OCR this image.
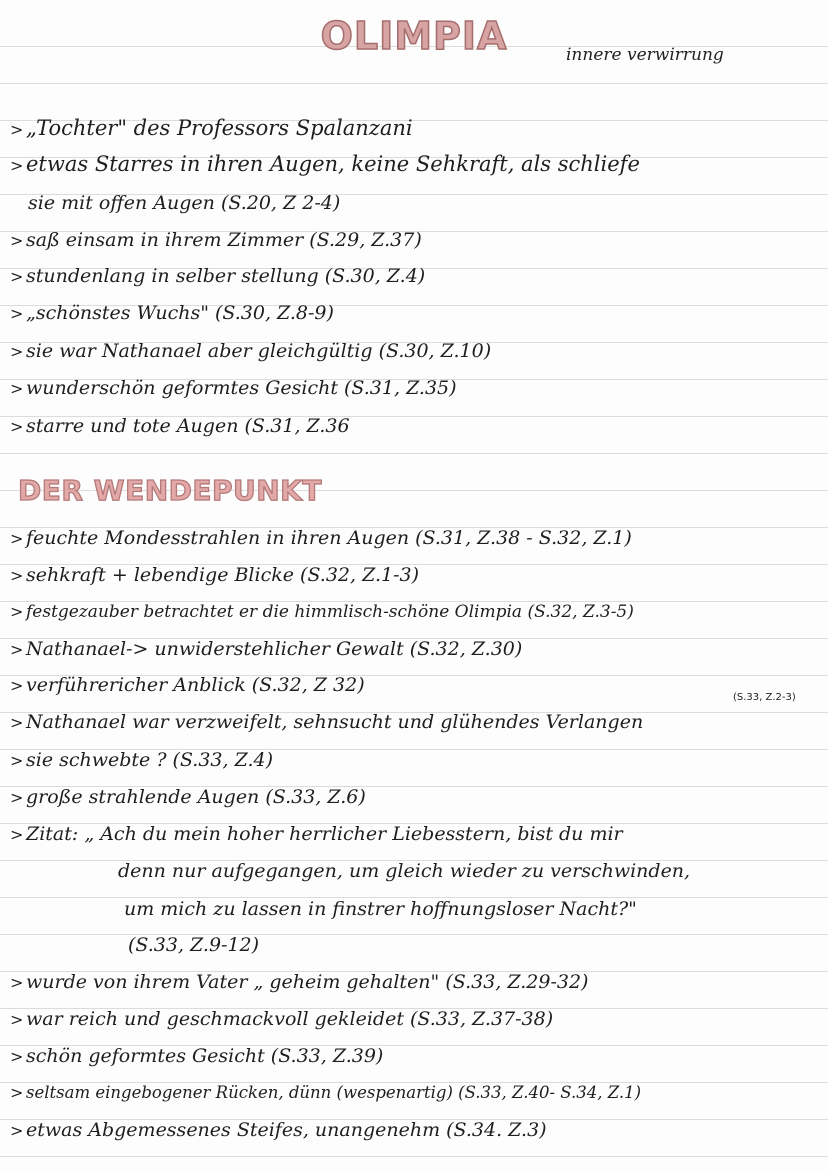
OLIMPIA	innere verwirrung
> „Tochter" des Professors Spalanzani
> etwas Starres in ihren Augen, keine Sehkraft, als schliefe
sie mit offen Augen (S.20, Z 2-4)
> saß einsam in ihrem Zimmer (S.29, Z.37)
> stundenlang in selber stellung (S.30, Z.4)
> „schönstes Wuchs" (S.30, Z.8-9)
> sie war Nathanael aber gleichgültig (S.30, Z.10)
> wunderschön geformtes Gesicht (S.31, Z.35)
> starre und tote Augen (S.31, Z.36
DER WENDEPUNKT
> feuchte Mondesstrahlen in ihren Augen (S.31, Z.38 - S.32, Z.1)
> sehkraft + lebendige Blicke (S.32, Z.1-3)
> festgezauber betrachtet er die himmlisch-schöne Olimpia (S.32, Z.3-5)
> Nathanael-> unwiderstehlicher Gewalt (S.32, Z.30)
> verführericher Anblick (S.32, Z 32)
(S.33, Z.2-3)
> Nathanael war verzweifelt, sehnsucht und glühendes Verlangen
> sie schwebte ? (S.33, Z.4)
> große strahlende Augen (S.33, Z.6)
> Zitat: „ Ach du mein hoher herrlicher Liebesstern, bist du mir
denn nur aufgegangen, um gleich wieder zu verschwinden,
um mich zu lassen in finstrer hoffnungsloser Nacht?"
(S.33, Z.9-12)
> wurde von ihrem Vater „ geheim gehalten" (S.33, Z.29-32)
> war reich und geschmackvoll gekleidet (S.33, Z.37-38)
> schön geformtes Gesicht (S.33, Z.39)
> seltsam eingebogener Rücken, dünn (wespenartig) (S.33, Z.40- S.34, Z.1)
> etwas Abgemessenes Steifes, unangenehm (S.34. Z.3)
